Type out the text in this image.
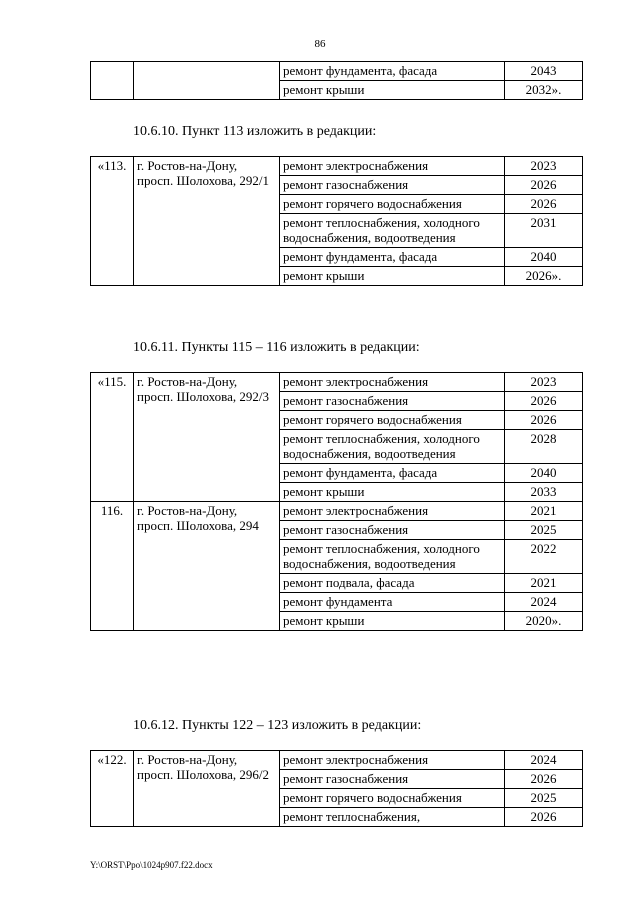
86
		ремонт фундамента, фасада	2043
		ремонт крыши	2032».
10.6.10. Пункт 113 изложить в редакции:
«113.	г. Ростов-на-Дону, просп. Шолохова, 292/1	ремонт электроснабжения	2023
		ремонт газоснабжения	2026
		ремонт горячего водоснабжения	2026
		ремонт теплоснабжения, холодного водоснабжения, водоотведения	2031
		ремонт фундамента, фасада	2040
		ремонт крыши	2026».
10.6.11. Пункты 115 – 116 изложить в редакции:
«115.	г. Ростов-на-Дону, просп. Шолохова, 292/3	ремонт электроснабжения	2023
		ремонт газоснабжения	2026
		ремонт горячего водоснабжения	2026
		ремонт теплоснабжения, холодного водоснабжения, водоотведения	2028
		ремонт фундамента, фасада	2040
		ремонт крыши	2033
116.	г. Ростов-на-Дону, просп. Шолохова, 294	ремонт электроснабжения	2021
		ремонт газоснабжения	2025
		ремонт теплоснабжения, холодного водоснабжения, водоотведения	2022
		ремонт подвала, фасада	2021
		ремонт фундамента	2024
		ремонт крыши	2020».
10.6.12. Пункты 122 – 123 изложить в редакции:
«122.	г. Ростов-на-Дону, просп. Шолохова, 296/2	ремонт электроснабжения	2024
		ремонт газоснабжения	2026
		ремонт горячего водоснабжения	2025
		ремонт теплоснабжения,	2026
Y:\ORST\Ppo\1024p907.f22.docx
